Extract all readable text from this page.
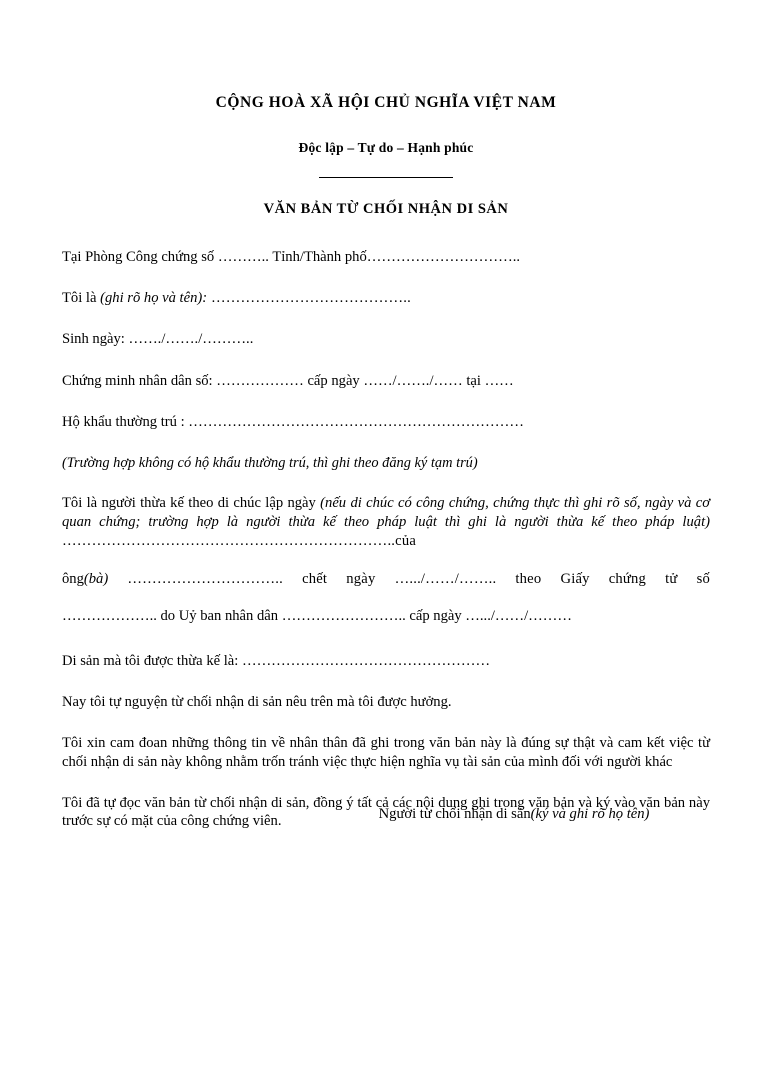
CỘNG HOÀ XÃ HỘI CHỦ NGHĨA VIỆT NAM
Độc lập – Tự do – Hạnh phúc
VĂN BẢN TỪ CHỐI NHẬN DI SẢN

Tại Phòng Công chứng số ……….. Tỉnh/Thành phố…………………………..

Tôi là (ghi rõ họ và tên): …………………………………..

Sinh ngày: ……./……./………..

Chứng minh nhân dân số: ……………… cấp ngày ……/……./…… tại ……

Hộ khẩu thường trú : ……………………………………………………………

(Trường hợp không có hộ khẩu thường trú, thì ghi theo đăng ký tạm trú)

Tôi là người thừa kế theo di chúc lập ngày (nếu di chúc có công chứng, chứng thực thì ghi rõ số, ngày và cơ quan chứng; trường hợp là người thừa kế theo pháp luật thì ghi là người thừa kế theo pháp luật) …………………………………………………………..của
ông(bà) ………………………….. chết ngày ….../……/…….. theo Giấy chứng tử số
……………….. do Uỷ ban nhân dân …………………….. cấp ngày ….../……/………

Di sản mà tôi được thừa kế là: ……………………………………………

Nay tôi tự nguyện từ chối nhận di sản nêu trên mà tôi được hưởng.

Tôi xin cam đoan những thông tin về nhân thân đã ghi trong văn bản này là đúng sự thật và cam kết việc từ chối nhận di sản này không nhằm trốn tránh việc thực hiện nghĩa vụ tài sản của mình đối với người khác

Tôi đã tự đọc văn bản từ chối nhận di sản, đồng ý tất cả các nội dung ghi trong văn bản và ký vào văn bản này trước sự có mặt của công chứng viên.	Người từ chối nhận di sản(ký và ghi rõ họ tên)
